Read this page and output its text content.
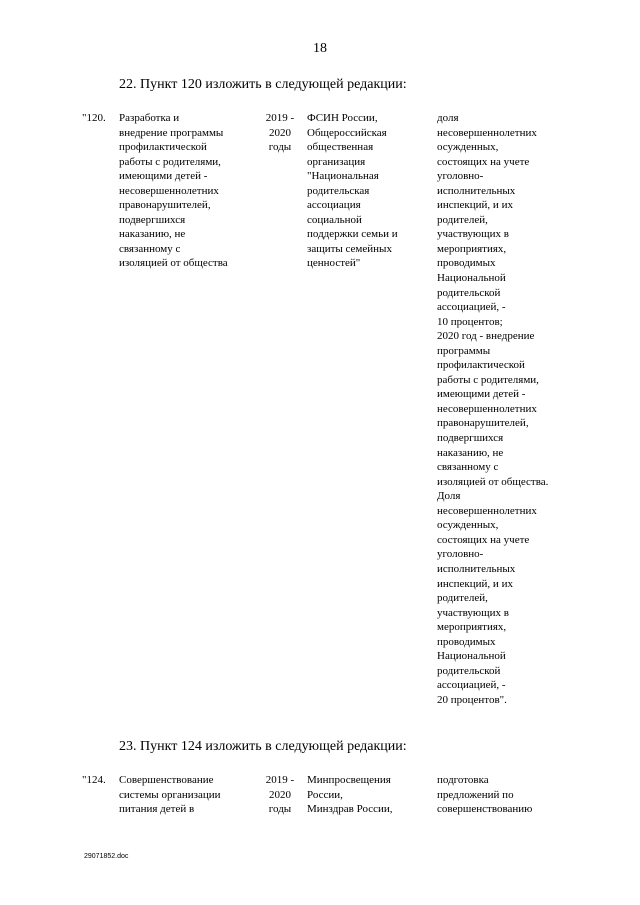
18
22. Пункт 120 изложить в следующей редакции:
"120. Разработка и
внедрение программы
профилактической
работы с родителями,
имеющими детей -
несовершеннолетних
правонарушителей,
подвергшихся
наказанию, не
связанному с
изоляцией от общества
2019 -
2020
годы
ФСИН России,
Общероссийская
общественная
организация
"Национальная
родительская
ассоциация
социальной
поддержки семьи и
защиты семейных
ценностей"
доля
несовершеннолетних
осужденных,
состоящих на учете
уголовно-
исполнительных
инспекций, и их
родителей,
участвующих в
мероприятиях,
проводимых
Национальной
родительской
ассоциацией, -
10 процентов;
2020 год - внедрение
программы
профилактической
работы с родителями,
имеющими детей -
несовершеннолетних
правонарушителей,
подвергшихся
наказанию, не
связанному с
изоляцией от общества.
Доля
несовершеннолетних
осужденных,
состоящих на учете
уголовно-
исполнительных
инспекций, и их
родителей,
участвующих в
мероприятиях,
проводимых
Национальной
родительской
ассоциацией, -
20 процентов".
23. Пункт 124 изложить в следующей редакции:
"124. Совершенствование
системы организации
питания детей в
2019 -
2020
годы
Минпросвещения
России,
Минздрав России,
подготовка
предложений по
совершенствованию
29071852.doc
